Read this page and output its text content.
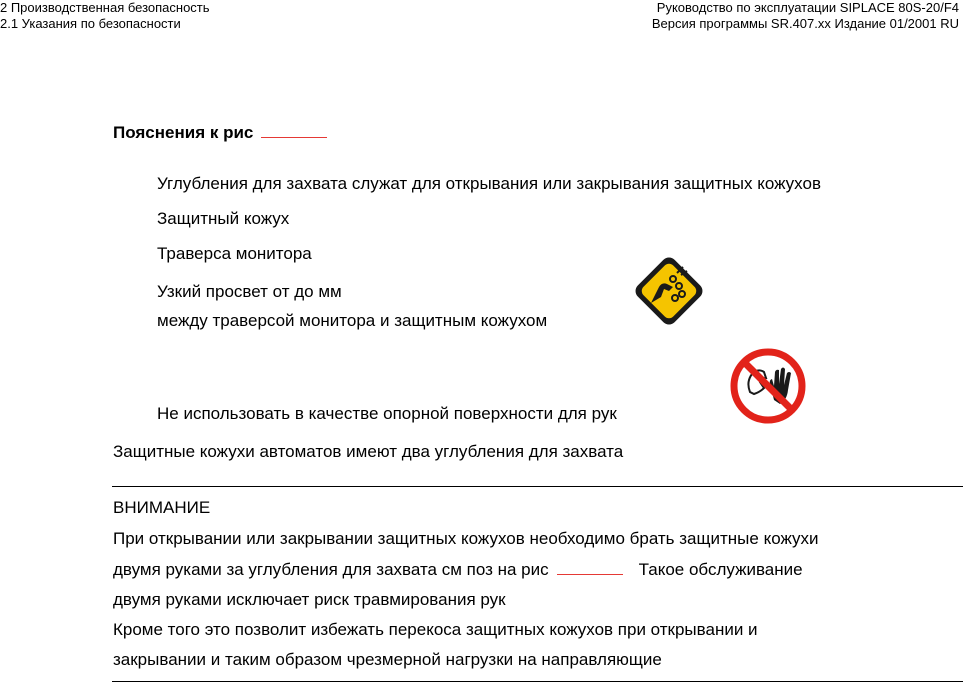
2 Производственная безопасность
2.1 Указания по безопасности
Руководство по эксплуатации SIPLACE 80S-20/F4
Версия программы SR.407.xx Издание 01/2001 RU
Пояснения к рис
Углубления для захвата служат для открывания или закрывания защитных кожухов
Защитный кожух
Траверса монитора
Узкий просвет от до мм
между траверсой монитора и защитным кожухом
Не использовать в качестве опорной поверхности для рук
Защитные кожухи автоматов имеют два углубления для захвата
ВНИМАНИЕ
При открывании или закрывании защитных кожухов необходимо брать защитные кожухи
двумя руками за углубления для захвата см поз на рис	Такое обслуживание
двумя руками исключает риск травмирования рук
Кроме того это позволит избежать перекоса защитных кожухов при открывании и
закрывании и таким образом чрезмерной нагрузки на направляющие
